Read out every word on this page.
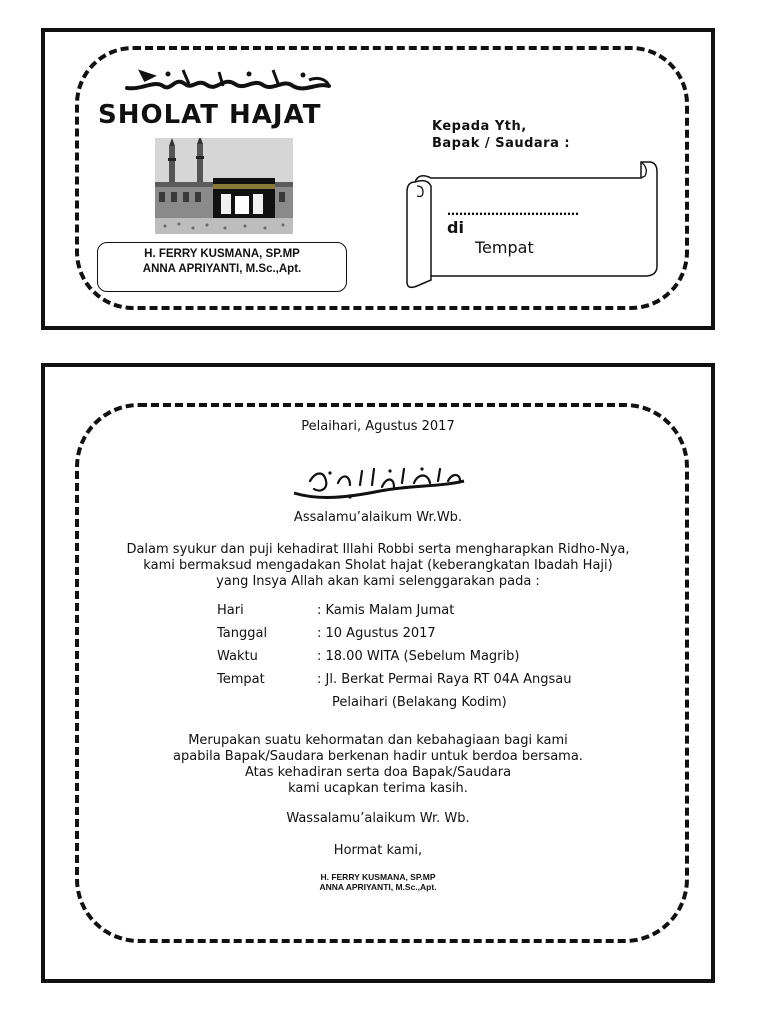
SHOLAT HAJAT
H. FERRY KUSMANA, SP.MP
ANNA APRIYANTI, M.Sc.,Apt.
Kepada Yth,
Bapak / Saudara :
……………………………
di
Tempat
Pelaihari, Agustus 2017
Assalamu’alaikum Wr.Wb.
Dalam syukur dan puji kehadirat Illahi Robbi serta mengharapkan Ridho-Nya,
kami bermaksud mengadakan Sholat hajat (keberangkatan Ibadah Haji)
yang Insya Allah akan kami selenggarakan pada :
Hari	: Kamis Malam Jumat
Tanggal	: 10 Agustus 2017
Waktu	: 18.00 WITA (Sebelum Magrib)
Tempat	: Jl. Berkat Permai Raya RT 04A Angsau
Pelaihari (Belakang Kodim)
Merupakan suatu kehormatan dan kebahagiaan bagi kami
apabila Bapak/Saudara berkenan hadir untuk berdoa bersama.
Atas kehadiran serta doa Bapak/Saudara
kami ucapkan terima kasih.
Wassalamu’alaikum Wr. Wb.
Hormat kami,
H. FERRY KUSMANA, SP.MP
ANNA APRIYANTI, M.Sc.,Apt.
